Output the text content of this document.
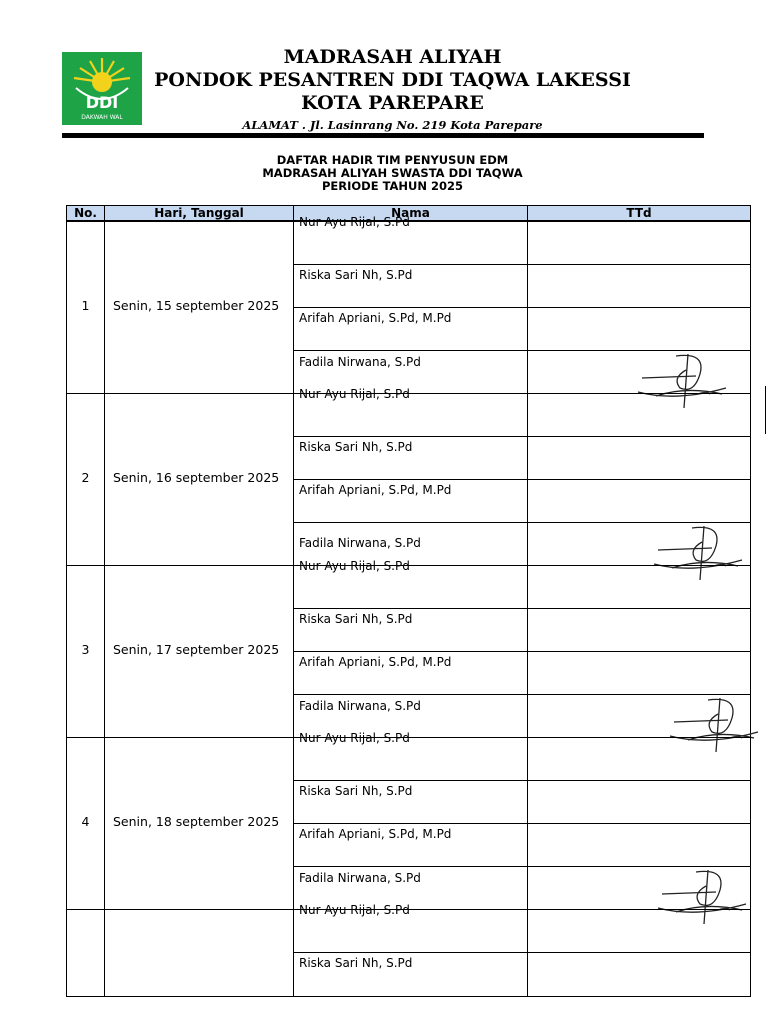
DDI
DAKWAH WAL
MADRASAH ALIYAH
PONDOK PESANTREN DDI TAQWA LAKESSI
KOTA PAREPARE
ALAMAT . Jl. Lasinrang No. 219 Kota Parepare
DAFTAR HADIR TIM PENYUSUN EDM
MADRASAH ALIYAH SWASTA DDI TAQWA
PERIODE TAHUN 2025
No.	Hari, Tanggal	Nama	TTd
1	Senin, 15 september 2025
Nur Ayu Rijal, S.Pd
Riska Sari Nh, S.Pd
Arifah Apriani, S.Pd, M.Pd
Fadila Nirwana, S.Pd
2	Senin, 16 september 2025
Nur Ayu Rijal, S.Pd
Riska Sari Nh, S.Pd
Arifah Apriani, S.Pd, M.Pd
Fadila Nirwana, S.Pd
3	Senin, 17 september 2025
Nur Ayu Rijal, S.Pd
Riska Sari Nh, S.Pd
Arifah Apriani, S.Pd, M.Pd
Fadila Nirwana, S.Pd
4	Senin, 18 september 2025
Nur Ayu Rijal, S.Pd
Riska Sari Nh, S.Pd
Arifah Apriani, S.Pd, M.Pd
Fadila Nirwana, S.Pd
Nur Ayu Rijal, S.Pd
Riska Sari Nh, S.Pd
